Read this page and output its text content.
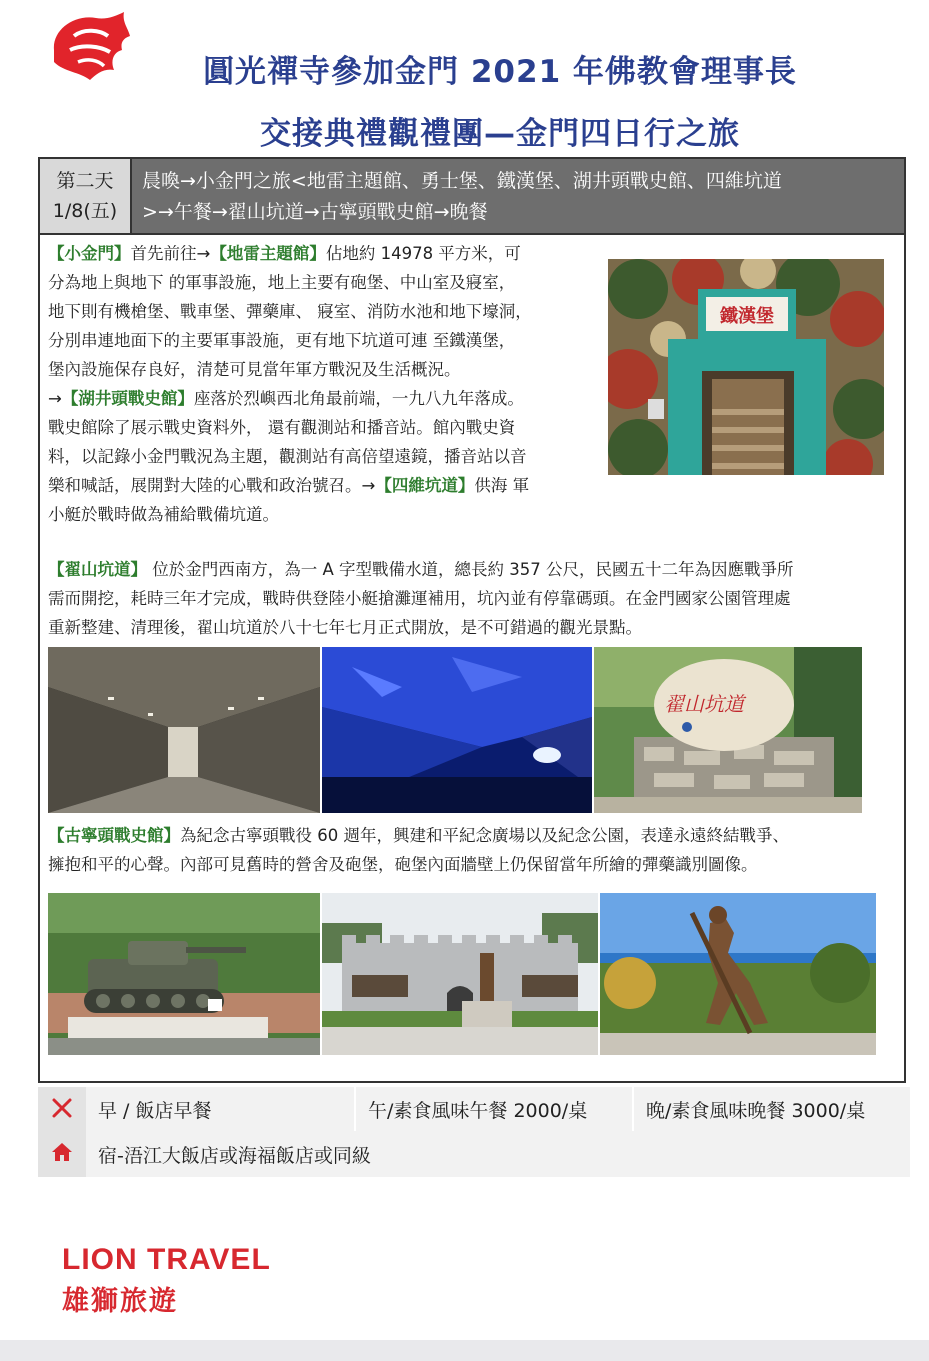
圓光禪寺參加金門 2021 年佛教會理事長
交接典禮觀禮團—金門四日行之旅
第二天
1/8(五)
晨喚→小金門之旅<地雷主題館、勇士堡、鐵漢堡、湖井頭戰史館、四維坑道
>→午餐→翟山坑道→古寧頭戰史館→晚餐
【小金門】首先前往→【地雷主題館】佔地約 14978 平方米，可
分為地上與地下 的軍事設施，地上主要有砲堡、中山室及寢室，
地下則有機槍堡、戰車堡、彈藥庫、 寢室、消防水池和地下壕洞，
分別串連地面下的主要軍事設施，更有地下坑道可連 至鐵漢堡，
堡內設施保存良好，清楚可見當年軍方戰況及生活概況。
→【湖井頭戰史館】座落於烈嶼西北角最前端，一九八九年落成。
戰史館除了展示戰史資料外， 還有觀測站和播音站。館內戰史資
料，以記錄小金門戰況為主題，觀測站有高倍望遠鏡，播音站以音
樂和喊話，展開對大陸的心戰和政治號召。→【四維坑道】供海 軍
小艇於戰時做為補給戰備坑道。
鐵漢堡
【翟山坑道】 位於金門西南方，為一 A 字型戰備水道，總長約 357 公尺，民國五十二年為因應戰爭所
需而開挖，耗時三年才完成，戰時供登陸小艇搶灘運補用，坑內並有停靠碼頭。在金門國家公園管理處
重新整建、清理後，翟山坑道於八十七年七月正式開放，是不可錯過的觀光景點。
翟山坑道
【古寧頭戰史館】為紀念古寧頭戰役 60 週年，興建和平紀念廣場以及紀念公園，表達永遠終結戰爭、
擁抱和平的心聲。內部可見舊時的營舍及砲堡，砲堡內面牆壁上仍保留當年所繪的彈藥識別圖像。
早 / 飯店早餐	午/素食風味午餐 2000/桌	晚/素食風味晚餐 3000/桌
宿-浯江大飯店或海福飯店或同級
LION TRAVEL
雄獅旅遊
